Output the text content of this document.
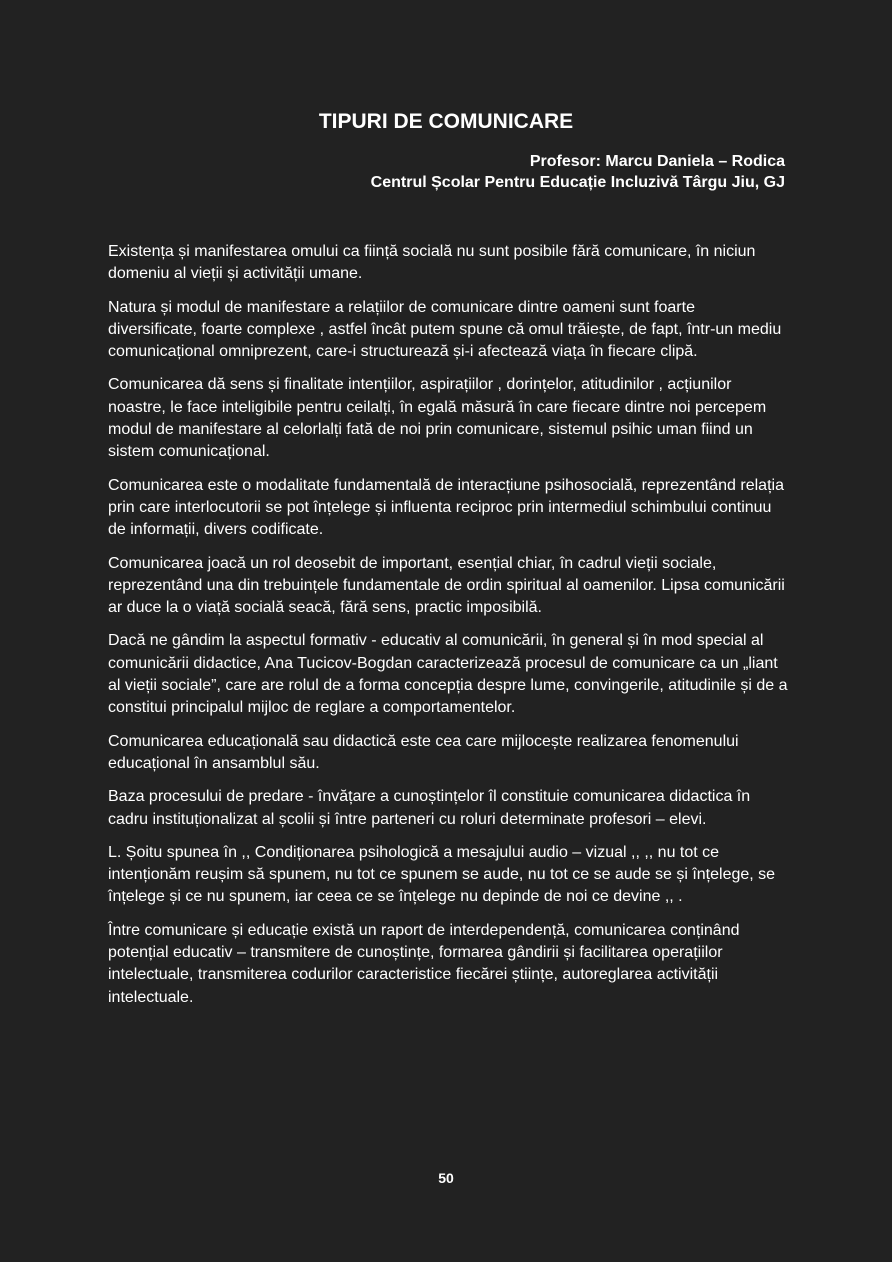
TIPURI DE COMUNICARE
Profesor: Marcu Daniela – Rodica
Centrul Școlar Pentru Educație Incluzivă Târgu Jiu, GJ

Existența și manifestarea omului ca ființă socială nu sunt posibile fără comunicare, în niciun domeniu al vieții și activității umane.

Natura și modul de manifestare a relațiilor de comunicare dintre oameni sunt foarte diversificate, foarte complexe , astfel încât putem spune că omul trăiește, de fapt, într-un mediu comunicațional omniprezent, care-i structurează și-i afectează viața în fiecare clipă.

Comunicarea dă sens și finalitate intențiilor, aspirațiilor , dorințelor, atitudinilor , acțiunilor noastre, le face inteligibile pentru ceilalți, în egală măsură în care fiecare dintre noi percepem modul de manifestare al celorlalți fată de noi prin comunicare, sistemul psihic uman fiind un sistem comunicațional.

Comunicarea este o modalitate fundamentală de interacțiune psihosocială, reprezentând relația prin care interlocutorii se pot înțelege și influenta reciproc prin intermediul schimbului continuu de informații, divers codificate.

Comunicarea joacă un rol deosebit de important, esențial chiar, în cadrul vieții sociale, reprezentând una din trebuințele fundamentale de ordin spiritual al oamenilor. Lipsa comunicării ar duce la o viață socială seacă, fără sens, practic imposibilă.

Dacă ne gândim la aspectul formativ - educativ al comunicării, în general și în mod special al comunicării didactice, Ana Tucicov-Bogdan caracterizează procesul de comunicare ca un „liant al vieții sociale”, care are rolul de a forma concepția despre lume, convingerile, atitudinile și de a constitui principalul mijloc de reglare a comportamentelor.

Comunicarea educațională sau didactică este cea care mijlocește realizarea fenomenului educațional în ansamblul său.

Baza procesului de predare - învățare a cunoștințelor îl constituie comunicarea didactica în cadru instituționalizat al școlii și între parteneri cu roluri determinate profesori – elevi.

L. Șoitu spunea în ,, Condiționarea psihologică a mesajului audio – vizual ,, ,, nu tot ce intenționăm reușim să spunem, nu tot ce spunem se aude, nu tot ce se aude se și înțelege, se înțelege și ce nu spunem, iar ceea ce se înțelege nu depinde de noi ce devine ,, .

Între comunicare și educație există un raport de interdependență, comunicarea conținând potențial educativ – transmitere de cunoștințe, formarea gândirii și facilitarea operațiilor intelectuale, transmiterea codurilor caracteristice fiecărei științe, autoreglarea activității intelectuale.

50
